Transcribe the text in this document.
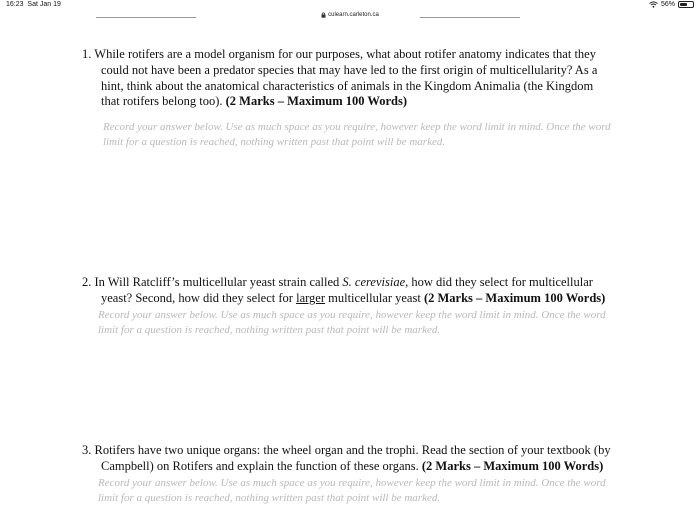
16:23 Sat Jan 19	56%
culearn.carleton.ca
1. While rotifers are a model organism for our purposes, what about rotifer anatomy indicates that they could not have been a predator species that may have led to the first origin of multicellularity? As a hint, think about the anatomical characteristics of animals in the Kingdom Animalia (the Kingdom that rotifers belong too). (2 Marks – Maximum 100 Words)
Record your answer below. Use as much space as you require, however keep the word limit in mind. Once the word limit for a question is reached, nothing written past that point will be marked.
2. In Will Ratcliff’s multicellular yeast strain called S. cerevisiae, how did they select for multicellular yeast? Second, how did they select for larger multicellular yeast (2 Marks – Maximum 100 Words)
Record your answer below. Use as much space as you require, however keep the word limit in mind. Once the word limit for a question is reached, nothing written past that point will be marked.
3. Rotifers have two unique organs: the wheel organ and the trophi. Read the section of your textbook (by Campbell) on Rotifers and explain the function of these organs. (2 Marks – Maximum 100 Words)
Record your answer below. Use as much space as you require, however keep the word limit in mind. Once the word limit for a question is reached, nothing written past that point will be marked.
